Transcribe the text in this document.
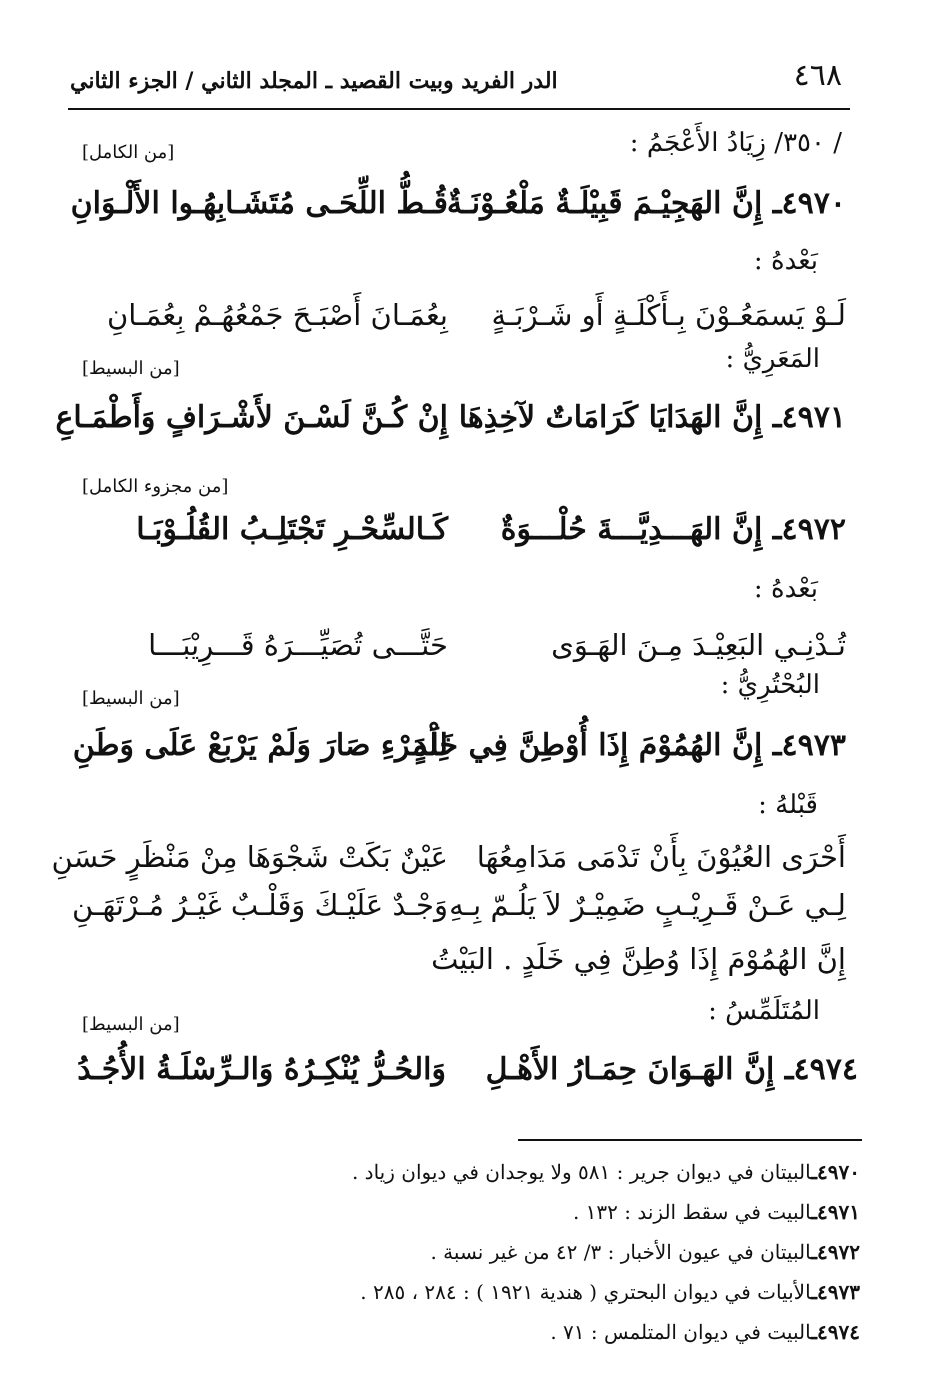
٤٦٨
الدر الفريد وبيت القصيد ـ المجلد الثاني / الجزء الثاني
/ ٣٥٠/ زِيَادُ الأَعْجَمُ :
[من الكامل]
٤٩٧٠ـ إِنَّ الهَجِيْـمَ قَبِيْلَـةٌ مَلْعُـوْنَـةٌ
قُـطُّ اللِّحَـى مُتَشَـابِهُـوا الأَلْـوَانِ
بَعْدهُ :
لَـوْ يَسمَعُـوْنَ بِـأَكْلَـةٍ أَو شَـرْبَـةٍ
بِعُمَـانَ أَصْبَـحَ جَمْعُهُـمْ بِعُمَـانِ
المَعَرِيُّ :
[من البسيط]
٤٩٧١ـ إِنَّ الهَدَايَا كَرَامَاتٌ لآخِذِهَا
إِنْ كُـنَّ لَسْـنَ لأَشْـرَافٍ وَأَطْمَـاعِ
[من مجزوء الكامل]
٤٩٧٢ـ إِنَّ الهَـــدِيَّـــةَ حُلْـــوَةٌ
كَـالسِّحْـرِ تَجْتَلِـبُ القُلُـوْبَـا
بَعْدهُ :
تُـدْنِـي البَعِيْـدَ مِـنَ الهَـوَى
حَتَّـــى تُصَيِّـــرَهُ قَـــرِيْبَـــا
البُحْتُرِيُّ :
[من البسيط]
٤٩٧٣ـ إِنَّ الهُمُوْمَ إِذَا أُوْطِنَّ فِي خَلَدٍ
لِلْمَرْءِ صَارَ وَلَمْ يَرْبَعْ عَلَى وَطَنِ
قَبْلهُ :
أَحْرَى العُيُوْنَ بِأَنْ تَدْمَى مَدَامِعُهَا
عَيْنٌ بَكَتْ شَجْوَهَا مِنْ مَنْظَرٍ حَسَنِ
لِـي عَـنْ قَـرِيْـبٍ ضَمِيْـرٌ لاَ يَلُـمّ بِـهِ
وَجْـدٌ عَلَيْـكَ وَقَلْـبٌ غَيْـرُ مُـرْتَهَـنِ
إِنَّ الهُمُوْمَ إِذَا وُطِنَّ فِي خَلَدٍ . البَيْتُ
المُتَلَمِّسُ :
[من البسيط]
٤٩٧٤ـ إِنَّ الهَـوَانَ حِمَـارُ الأَهْـلِ
وَالحُـرُّ يُنْكِـرُهُ وَالـرِّسْلَـةُ الأُجُـدُ
٤٩٧٠ـالبيتان في ديوان جرير : ٥٨١ ولا يوجدان في ديوان زياد .
٤٩٧١ـالبيت في سقط الزند : ١٣٢ .
٤٩٧٢ـالبيتان في عيون الأخبار : ٣/ ٤٢ من غير نسبة .
٤٩٧٣ـالأبيات في ديوان البحتري ( هندية ١٩٢١ ) : ٢٨٤ ، ٢٨٥ .
٤٩٧٤ـالبيت في ديوان المتلمس : ٧١ .
